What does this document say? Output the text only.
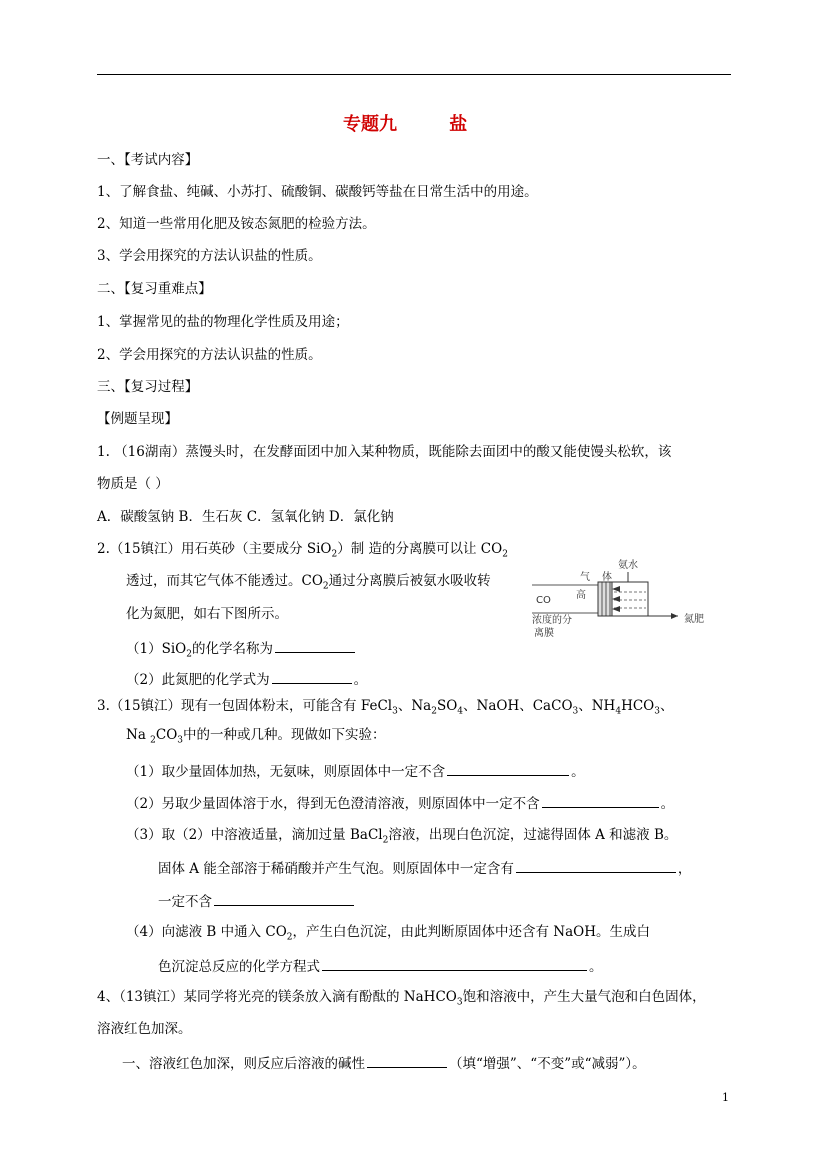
专题九	盐
一、【考试内容】
1、了解食盐、纯碱、小苏打、硫酸铜、碳酸钙等盐在日常生活中的用途。
2、知道一些常用化肥及铵态氮肥的检验方法。
3、学会用探究的方法认识盐的性质。
二、【复习重难点】
1、掌握常见的盐的物理化学性质及用途；
2、学会用探究的方法认识盐的性质。
三、【复习过程】
【例题呈现】
1. （16湖南）蒸馒头时，在发酵面团中加入某种物质，既能除去面团中的酸又能使馒头松软，该
物质是（ ）
A．碳酸氢钠 B．生石灰 C．氢氧化钠 D．氯化钠
2.（15镇江）用石英砂（主要成分 SiO$_2$）制 造的分离膜可以让 $CO_2$
透过，而其它气体不能透过。$CO_2$通过分离膜后被氨水吸收转
化为氮肥，如右下图所示。
（1）SiO$_2$的化学名称为
（2）此氮肥的化学式为	。
氨水
气 体
CO	高
浓度的分
离膜
氮肥
3.（15镇江）现有一包固体粉末，可能含有 FeCl$_3$、$Na_2SO_4$、NaOH、CaCO$_3$、$NH_4HCO_3$、
Na $_2CO_3$中的一种或几种。现做如下实验：
（1）取少量固体加热，无氨味，则原固体中一定不含	。
（2）另取少量固体溶于水，得到无色澄清溶液，则原固体中一定不含	。
（3）取（2）中溶液适量，滴加过量 BaCl$_2$溶液，出现白色沉淀，过滤得固体 A 和滤液 B。
固体 A 能全部溶于稀硝酸并产生气泡。则原固体中一定含有	，
一定不含
（4）向滤液 B 中通入 $CO_2$，产生白色沉淀，由此判断原固体中还含有 NaOH。生成白
色沉淀总反应的化学方程式	。
4、（13镇江）某同学将光亮的镁条放入滴有酚酞的 NaHCO$_3$饱和溶液中，产生大量气泡和白色固体，
溶液红色加深。
一、溶液红色加深，则反应后溶液的碱性	（填“增强”、“不变”或“减弱”）。
1
